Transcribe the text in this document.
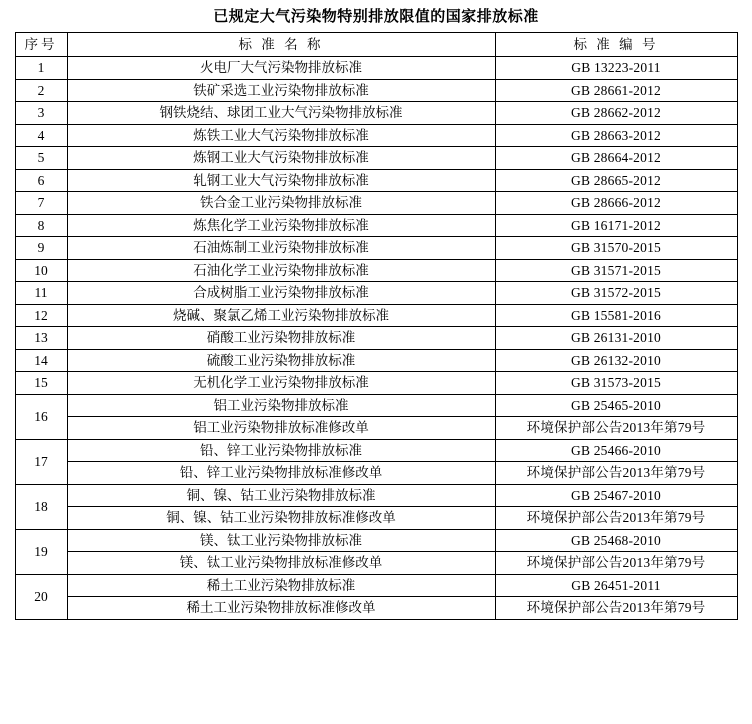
已规定大气污染物特别排放限值的国家排放标准
序号	标 准 名 称	标 准 编 号
1	火电厂大气污染物排放标准	GB 13223-2011
2	铁矿采选工业污染物排放标准	GB 28661-2012
3	钢铁烧结、球团工业大气污染物排放标准	GB 28662-2012
4	炼铁工业大气污染物排放标准	GB 28663-2012
5	炼钢工业大气污染物排放标准	GB 28664-2012
6	轧钢工业大气污染物排放标准	GB 28665-2012
7	铁合金工业污染物排放标准	GB 28666-2012
8	炼焦化学工业污染物排放标准	GB 16171-2012
9	石油炼制工业污染物排放标准	GB 31570-2015
10	石油化学工业污染物排放标准	GB 31571-2015
11	合成树脂工业污染物排放标准	GB 31572-2015
12	烧碱、聚氯乙烯工业污染物排放标准	GB 15581-2016
13	硝酸工业污染物排放标准	GB 26131-2010
14	硫酸工业污染物排放标准	GB 26132-2010
15	无机化学工业污染物排放标准	GB 31573-2015
16	铝工业污染物排放标准	GB 25465-2010
	铝工业污染物排放标准修改单	环境保护部公告2013年第79号
17	铅、锌工业污染物排放标准	GB 25466-2010
	铅、锌工业污染物排放标准修改单	环境保护部公告2013年第79号
18	铜、镍、钴工业污染物排放标准	GB 25467-2010
	铜、镍、钴工业污染物排放标准修改单	环境保护部公告2013年第79号
19	镁、钛工业污染物排放标准	GB 25468-2010
	镁、钛工业污染物排放标准修改单	环境保护部公告2013年第79号
20	稀土工业污染物排放标准	GB 26451-2011
	稀土工业污染物排放标准修改单	环境保护部公告2013年第79号
